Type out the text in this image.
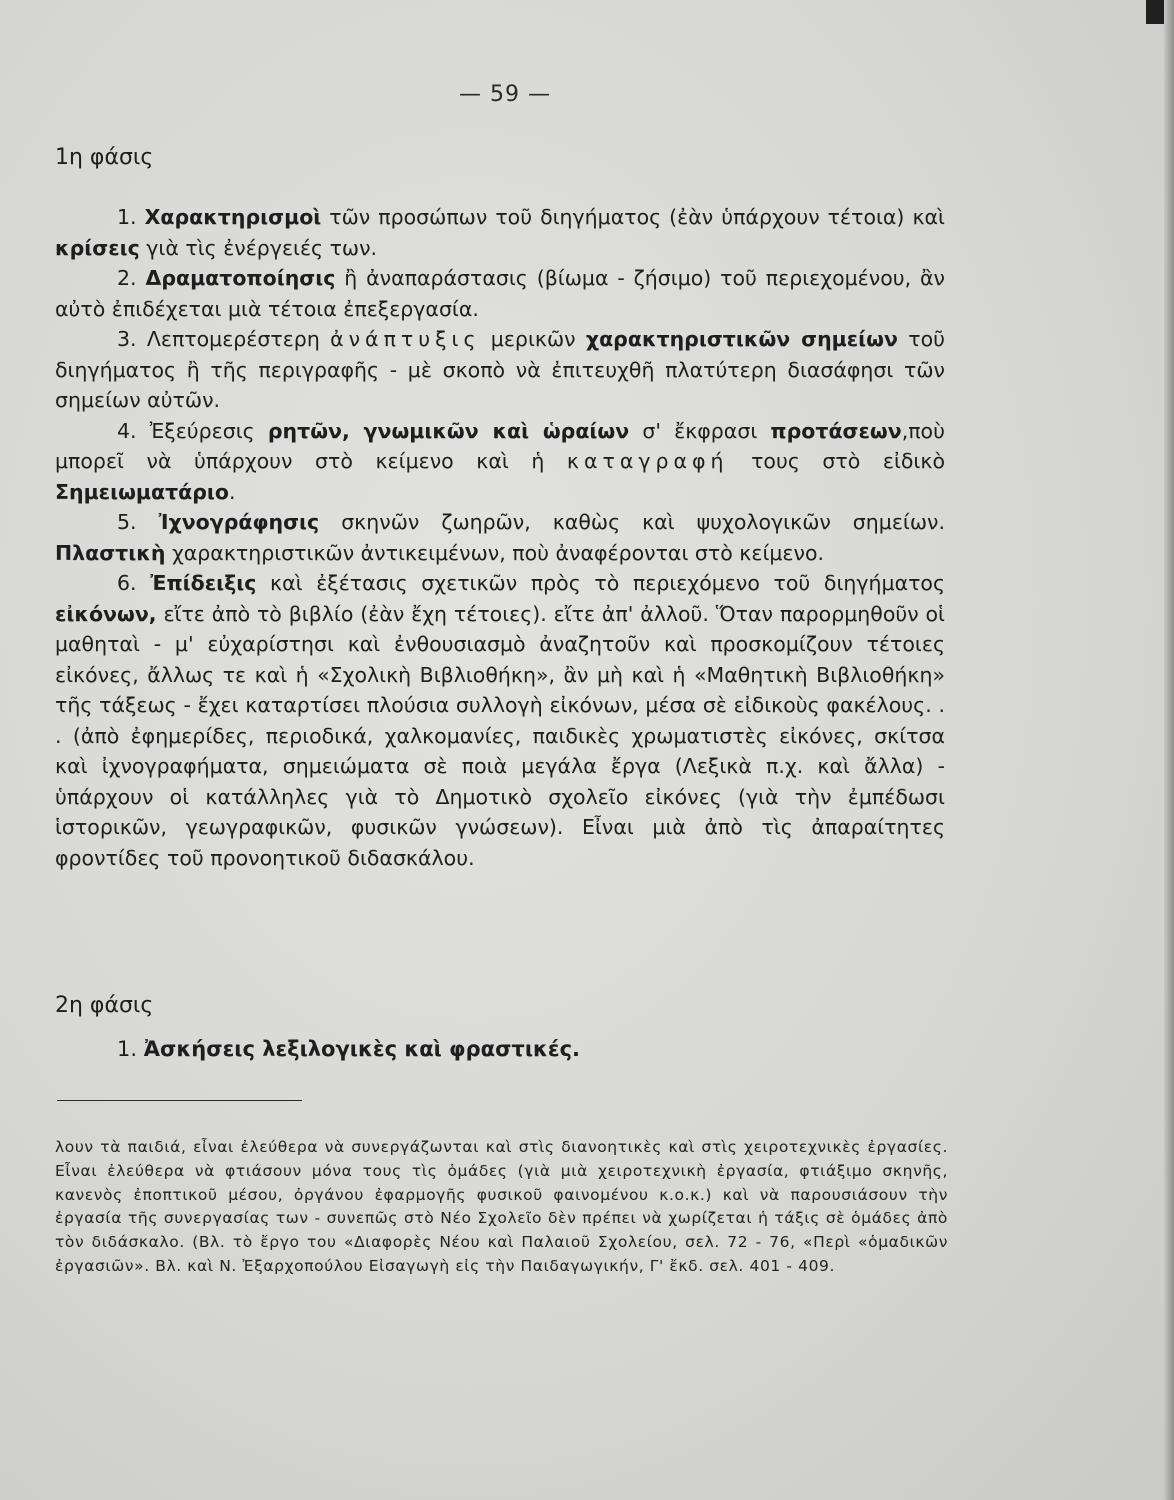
— 59 —
1η φάσις

1. Χαρακτηρισμοὶ τῶν προσώπων τοῦ διηγήματος (ἐὰν ὑπάρχουν τέτοια) καὶ κρίσεις γιὰ τὶς ἐνέργειές των.

2. Δραματοποίησις ἢ ἀναπαράστασις (βίωμα - ζήσιμο) τοῦ περιεχομένου, ἂν αὐτὸ ἐπιδέχεται μιὰ τέτοια ἐπεξεργασία.

3. Λεπτομερέστερη ἀνάπτυξις μερικῶν χαρακτηριστικῶν σημείων τοῦ διηγήματος ἢ τῆς περιγραφῆς - μὲ σκοπὸ νὰ ἐπιτευχθῆ πλατύτερη διασάφησι τῶν σημείων αὐτῶν.

4. Ἐξεύρεσις ρητῶν, γνωμικῶν καὶ ὡραίων σ' ἔκφρασι προτάσεων,ποὺ μπορεῖ νὰ ὑπάρχουν στὸ κείμενο καὶ ἡ καταγραφή τους στὸ εἰδικὸ Σημειωματάριο.

5. Ἰχνογράφησις σκηνῶν ζωηρῶν, καθὼς καὶ ψυχολογικῶν σημείων. Πλαστικὴ χαρακτηριστικῶν ἀντικειμένων, ποὺ ἀναφέρονται στὸ κείμενο.

6. Ἐπίδειξις καὶ ἐξέτασις σχετικῶν πρὸς τὸ περιεχόμενο τοῦ διηγήματος εἰκόνων, εἴτε ἀπὸ τὸ βιβλίο (ἐὰν ἔχη τέτοιες). εἴτε ἀπ' ἀλλοῦ. Ὅταν παρορμηθοῦν οἱ μαθηταὶ - μ' εὐχαρίστησι καὶ ἐνθουσιασμὸ ἀναζητοῦν καὶ προσκομίζουν τέτοιες εἰκόνες, ἄλλως τε καὶ ἡ «Σχολικὴ Βιβλιοθήκη», ἂν μὴ καὶ ἡ «Μαθητικὴ Βιβλιοθήκη» τῆς τάξεως - ἔχει καταρτίσει πλούσια συλλογὴ εἰκόνων, μέσα σὲ εἰδικοὺς φακέλους. . . (ἀπὸ ἐφημερίδες, περιοδικά, χαλκομανίες, παιδικὲς χρωματιστὲς εἰκόνες, σκίτσα καὶ ἰχνογραφήματα, σημειώματα σὲ ποιὰ μεγάλα ἔργα (Λεξικὰ π.χ. καὶ ἄλλα) - ὑπάρχουν οἱ κατάλληλες γιὰ τὸ Δημοτικὸ σχολεῖο εἰκόνες (γιὰ τὴν ἐμπέδωσι ἱστορικῶν, γεωγραφικῶν, φυσικῶν γνώσεων). Εἶναι μιὰ ἀπὸ τὶς ἀπαραίτητες φροντίδες τοῦ προνοητικοῦ διδασκάλου.

2η φάσις
1. Ἀσκήσεις λεξιλογικὲς καὶ φραστικές.
λουν τὰ παιδιά, εἶναι ἐλεύθερα νὰ συνεργάζωνται καὶ στὶς διανοητικὲς καὶ στὶς χειροτεχνικὲς ἐργασίες. Εἶναι ἐλεύθερα νὰ φτιάσουν μόνα τους τὶς ὁμάδες (γιὰ μιὰ χειροτεχνικὴ ἐργασία, φτιάξιμο σκηνῆς, κανενὸς ἐποπτικοῦ μέσου, ὀργάνου ἐφαρμογῆς φυσικοῦ φαινομένου κ.ο.κ.) καὶ νὰ παρουσιάσουν τὴν ἐργασία τῆς συνεργασίας των - συνεπῶς στὸ Νέο Σχολεῖο δὲν πρέπει νὰ χωρίζεται ἡ τάξις σὲ ὁμάδες ἀπὸ τὸν διδάσκαλο. (Βλ. τὸ ἔργο του «Διαφορὲς Νέου καὶ Παλαιοῦ Σχολείου, σελ. 72 - 76, «Περὶ «ὁμαδικῶν ἐργασιῶν». Βλ. καὶ Ν. Ἐξαρχοπούλου Εἰσαγωγὴ εἰς τὴν Παιδαγωγικήν, Γ' ἔκδ. σελ. 401 - 409.
